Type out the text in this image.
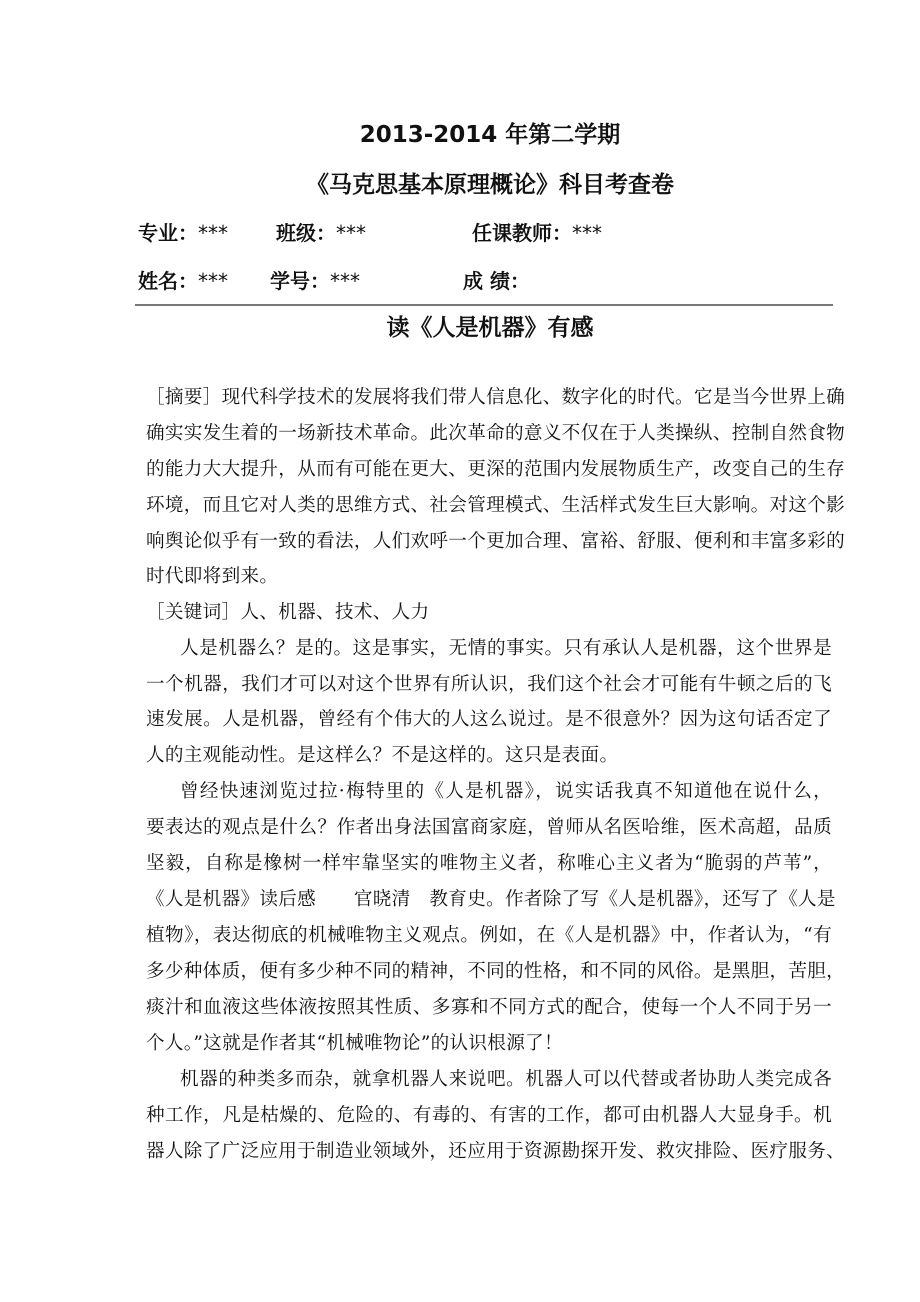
2013-2014 年第二学期
《马克思基本原理概论》科目考查卷
专业：*** 班级：***	任课教师：***
姓名：*** 学号：***	成 绩：
读《人是机器》有感
［摘要］现代科学技术的发展将我们带人信息化、数字化的时代。它是当今世界上确
确实实发生着的一场新技术革命。此次革命的意义不仅在于人类操纵、控制自然食物
的能力大大提升，从而有可能在更大、更深的范围内发展物质生产，改变自己的生存
环境，而且它对人类的思维方式、社会管理模式、生活样式发生巨大影响。对这个影
响舆论似乎有一致的看法，人们欢呼一个更加合理、富裕、舒服、便利和丰富多彩的
时代即将到来。
［关键词］人、机器、技术、人力
人是机器么？是的。这是事实，无情的事实。只有承认人是机器，这个世界是
一个机器，我们才可以对这个世界有所认识，我们这个社会才可能有牛顿之后的飞
速发展。人是机器，曾经有个伟大的人这么说过。是不很意外？因为这句话否定了
人的主观能动性。是这样么？不是这样的。这只是表面。
曾经快速浏览过拉·梅特里的《人是机器》，说实话我真不知道他在说什么，
要表达的观点是什么？作者出身法国富商家庭，曾师从名医哈维，医术高超，品质
坚毅，自称是橡树一样牢靠坚实的唯物主义者，称唯心主义者为“脆弱的芦苇”，
《人是机器》读后感　　官晓清　教育史。作者除了写《人是机器》，还写了《人是
植物》，表达彻底的机械唯物主义观点。例如，在《人是机器》中，作者认为，“有
多少种体质，便有多少种不同的精神，不同的性格，和不同的风俗。是黑胆，苦胆，
痰汁和血液这些体液按照其性质、多寡和不同方式的配合，使每一个人不同于另一
个人。”这就是作者其“机械唯物论”的认识根源了！
机器的种类多而杂，就拿机器人来说吧。机器人可以代替或者协助人类完成各
种工作，凡是枯燥的、危险的、有毒的、有害的工作，都可由机器人大显身手。机
器人除了广泛应用于制造业领域外，还应用于资源勘探开发、救灾排险、医疗服务、
